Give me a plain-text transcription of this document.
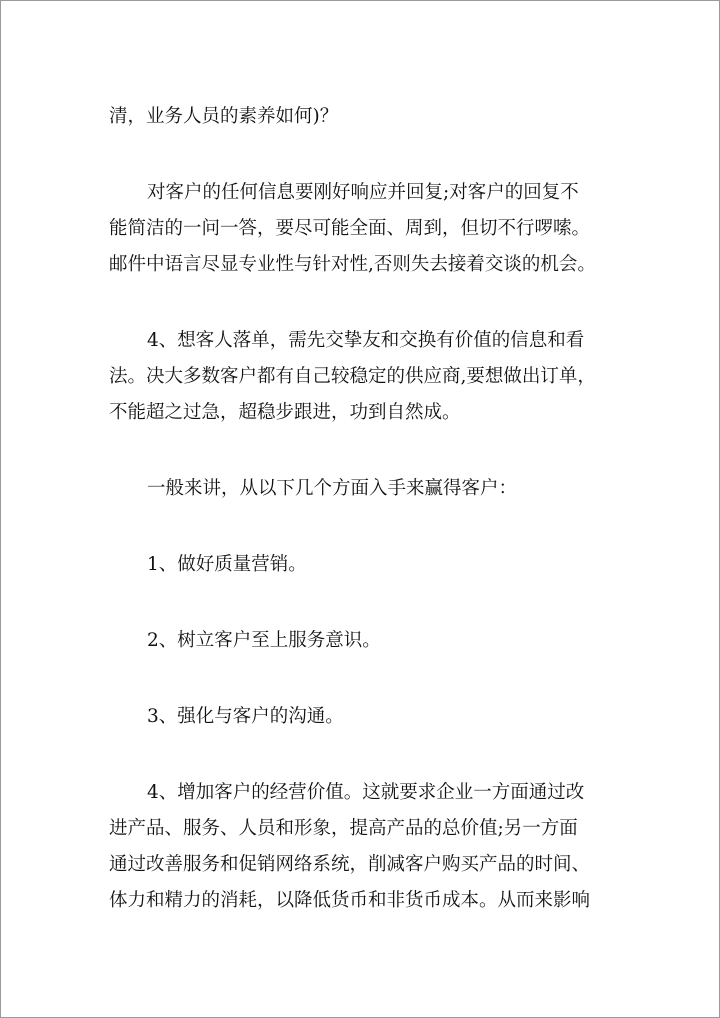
清，业务人员的素养如何)？

对客户的任何信息要刚好响应并回复;对客户的回复不
能简洁的一问一答，要尽可能全面、周到，但切不行啰嗦。
邮件中语言尽显专业性与针对性,否则失去接着交谈的机会。

4、想客人落单，需先交挚友和交换有价值的信息和看
法。决大多数客户都有自己较稳定的供应商,要想做出订单，
不能超之过急，超稳步跟进，功到自然成。

一般来讲，从以下几个方面入手来赢得客户：

1、做好质量营销。

2、树立客户至上服务意识。

3、强化与客户的沟通。

4、增加客户的经营价值。这就要求企业一方面通过改
进产品、服务、人员和形象，提高产品的总价值;另一方面
通过改善服务和促销网络系统，削减客户购买产品的时间、
体力和精力的消耗，以降低货币和非货币成本。从而来影响
